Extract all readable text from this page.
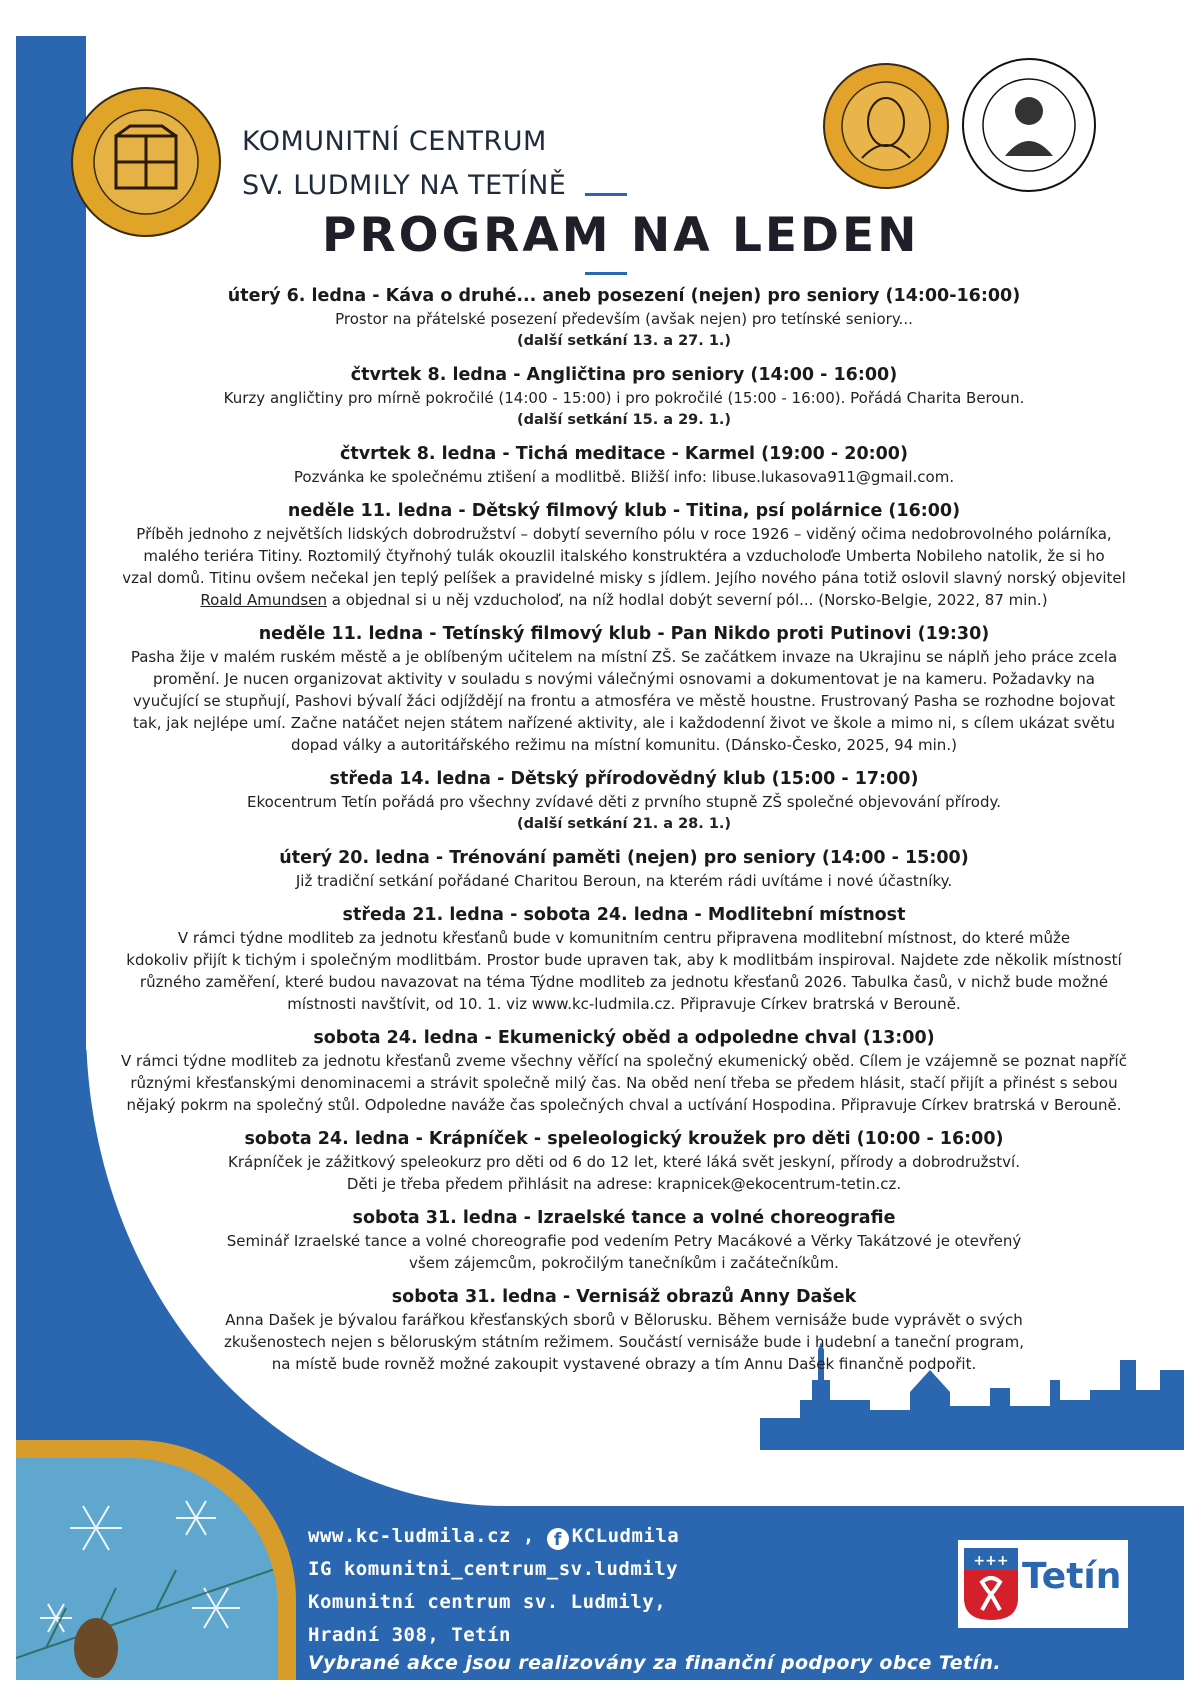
KOMUNITNÍ CENTRUM
SV. LUDMILY NA TETÍNĚ
PROGRAM NA LEDEN
úterý 6. ledna - Káva o druhé... aneb posezení (nejen) pro seniory (14:00-16:00)
Prostor na přátelské posezení především (avšak nejen) pro tetínské seniory...
(další setkání 13. a 27. 1.)
čtvrtek 8. ledna - Angličtina pro seniory (14:00 - 16:00)
Kurzy angličtiny pro mírně pokročilé (14:00 - 15:00) i pro pokročilé (15:00 - 16:00). Pořádá Charita Beroun.
(další setkání 15. a 29. 1.)
čtvrtek 8. ledna - Tichá meditace - Karmel (19:00 - 20:00)
Pozvánka ke společnému ztišení a modlitbě. Bližší info: libuse.lukasova911@gmail.com.
neděle 11. ledna - Dětský filmový klub - Titina, psí polárnice (16:00)
Příběh jednoho z největších lidských dobrodružství – dobytí severního pólu v roce 1926 – viděný očima nedobrovolného polárníka,
malého teriéra Titiny. Roztomilý čtyřnohý tulák okouzlil italského konstruktéra a vzducholoďe Umberta Nobileho natolik, že si ho
vzal domů. Titinu ovšem nečekal jen teplý pelíšek a pravidelné misky s jídlem. Jejího nového pána totiž oslovil slavný norský objevitel
Roald Amundsen a objednal si u něj vzducholoď, na níž hodlal dobýt severní pól... (Norsko-Belgie, 2022, 87 min.)
neděle 11. ledna - Tetínský filmový klub - Pan Nikdo proti Putinovi (19:30)
Pasha žije v malém ruském městě a je oblíbeným učitelem na místní ZŠ. Se začátkem invaze na Ukrajinu se náplň jeho práce zcela
promění. Je nucen organizovat aktivity v souladu s novými válečnými osnovami a dokumentovat je na kameru. Požadavky na
vyučující se stupňují, Pashovi bývalí žáci odjíždějí na frontu a atmosféra ve městě houstne. Frustrovaný Pasha se rozhodne bojovat
tak, jak nejlépe umí. Začne natáčet nejen státem nařízené aktivity, ale i každodenní život ve škole a mimo ni, s cílem ukázat světu
dopad války a autoritářského režimu na místní komunitu. (Dánsko-Česko, 2025, 94 min.)
středa 14. ledna - Dětský přírodovědný klub (15:00 - 17:00)
Ekocentrum Tetín pořádá pro všechny zvídavé děti z prvního stupně ZŠ společné objevování přírody.
(další setkání 21. a 28. 1.)
úterý 20. ledna - Trénování paměti (nejen) pro seniory (14:00 - 15:00)
Již tradiční setkání pořádané Charitou Beroun, na kterém rádi uvítáme i nové účastníky.
středa 21. ledna - sobota 24. ledna - Modlitební místnost
V rámci týdne modliteb za jednotu křesťanů bude v komunitním centru připravena modlitební místnost, do které může
kdokoliv přijít k tichým i společným modlitbám. Prostor bude upraven tak, aby k modlitbám inspiroval. Najdete zde několik místností
různého zaměření, které budou navazovat na téma Týdne modliteb za jednotu křesťanů 2026. Tabulka časů, v nichž bude možné
místnosti navštívit, od 10. 1. viz www.kc-ludmila.cz. Připravuje Církev bratrská v Berouně.
sobota 24. ledna - Ekumenický oběd a odpoledne chval (13:00)
V rámci týdne modliteb za jednotu křesťanů zveme všechny věřící na společný ekumenický oběd. Cílem je vzájemně se poznat napříč
různými křesťanskými denominacemi a strávit společně milý čas. Na oběd není třeba se předem hlásit, stačí přijít a přinést s sebou
nějaký pokrm na společný stůl. Odpoledne naváže čas společných chval a uctívání Hospodina. Připravuje Církev bratrská v Berouně.
sobota 24. ledna - Krápníček - speleologický kroužek pro děti (10:00 - 16:00)
Krápníček je zážitkový speleokurz pro děti od 6 do 12 let, které láká svět jeskyní, přírody a dobrodružství.
Děti je třeba předem přihlásit na adrese: krapnicek@ekocentrum-tetin.cz.
sobota 31. ledna - Izraelské tance a volné choreografie
Seminář Izraelské tance a volné choreografie pod vedením Petry Macákové a Věrky Takátzové je otevřený
všem zájemcům, pokročilým tanečníkům i začátečníkům.
sobota 31. ledna - Vernisáž obrazů Anny Dašek
Anna Dašek je bývalou farářkou křesťanských sborů v Bělorusku. Během vernisáže bude vyprávět o svých
zkušenostech nejen s běloruským státním režimem. Součástí vernisáže bude i hudební a taneční program,
na místě bude rovněž možné zakoupit vystavené obrazy a tím Annu Dašek finančně podpořit.
www.kc-ludmila.cz , f KCLudmila
IG komunitni_centrum_sv.ludmily
Komunitní centrum sv. Ludmily,
Hradní 308, Tetín
Vybrané akce jsou realizovány za finanční podpory obce Tetín.
+++ Tetín
